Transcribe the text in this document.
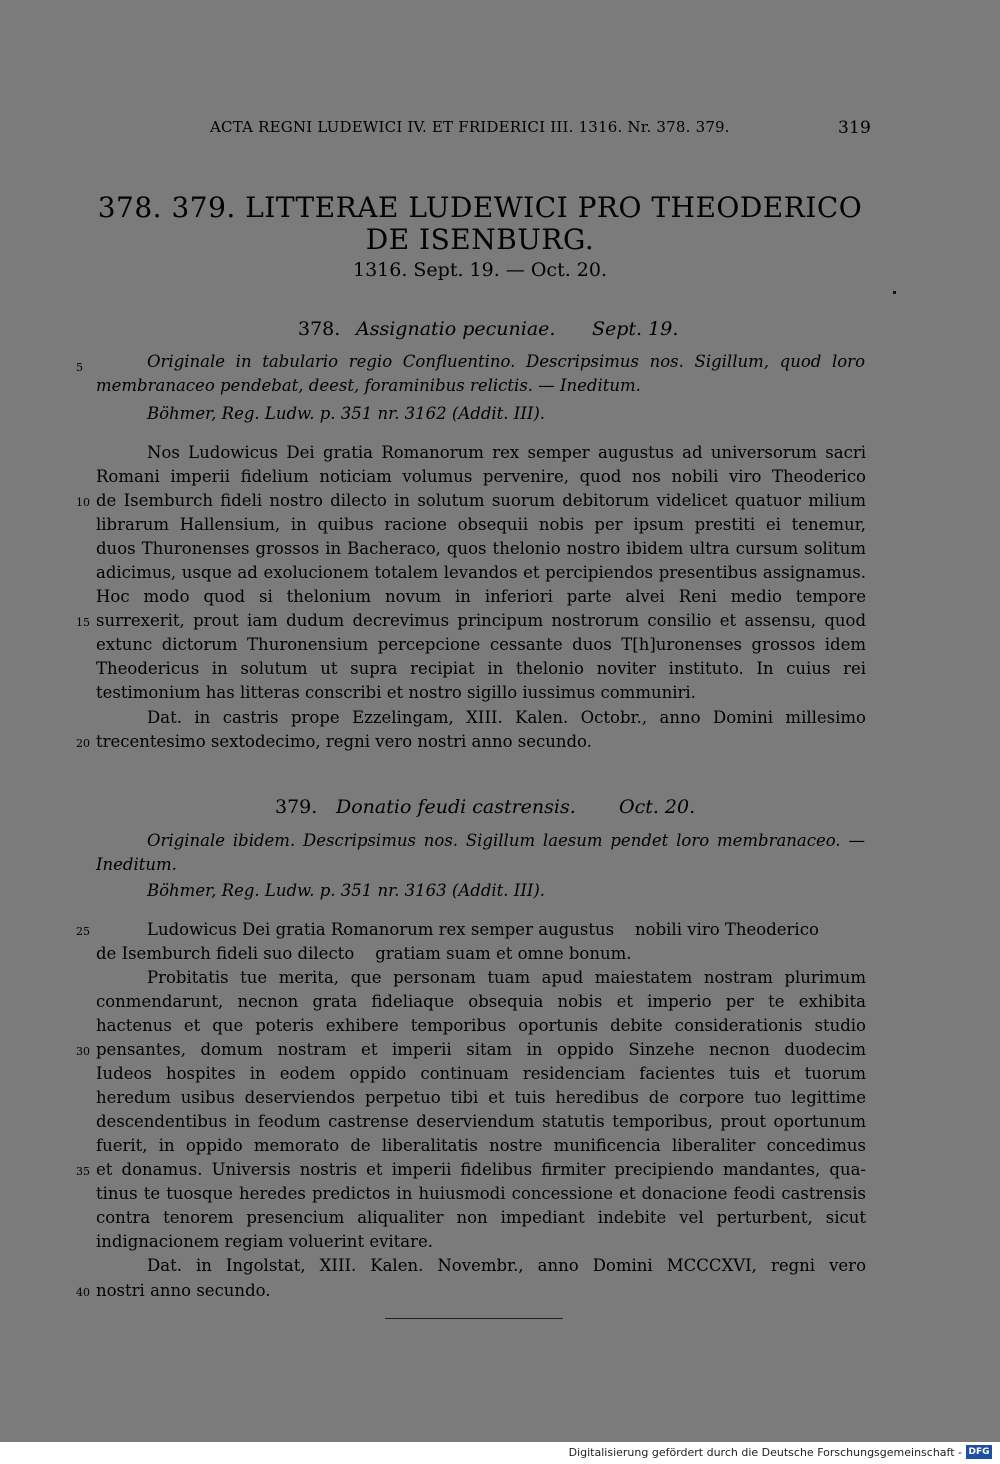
ACTA REGNI LUDEWICI IV. ET FRIDERICI III. 1316. Nr. 378. 379.	319
378. 379. LITTERAE LUDEWICI PRO THEODERICO
DE ISENBURG.
1316. Sept. 19. — Oct. 20.
378. Assignatio pecuniae. Sept. 19.
Originale in tabulario regio Confluentino. Descripsimus nos. Sigillum, quod loro
membranaceo pendebat, deest, foraminibus relictis. — Ineditum.
Böhmer, Reg. Ludw. p. 351 nr. 3162 (Addit. III).
Nos Ludowicus Dei gratia Romanorum rex semper augustus ad universorum sacri
Romani imperii fidelium noticiam volumus pervenire, quod nos nobili viro Theoderico
de Isemburch fideli nostro dilecto in solutum suorum debitorum videlicet quatuor milium
librarum Hallensium, in quibus racione obsequii nobis per ipsum prestiti ei tenemur,
duos Thuronenses grossos in Bacheraco, quos thelonio nostro ibidem ultra cursum solitum
adicimus, usque ad exolucionem totalem levandos et percipiendos presentibus assignamus.
Hoc modo quod si thelonium novum in inferiori parte alvei Reni medio tempore
surrexerit, prout iam dudum decrevimus principum nostrorum consilio et assensu, quod
extunc dictorum Thuronensium percepcione cessante duos T[h]uronenses grossos idem
Theodericus in solutum ut supra recipiat in thelonio noviter instituto. In cuius rei
testimonium has litteras conscribi et nostro sigillo iussimus communiri.
Dat. in castris prope Ezzelingam, XIII. Kalen. Octobr., anno Domini millesimo
trecentesimo sextodecimo, regni vero nostri anno secundo.
379. Donatio feudi castrensis. Oct. 20.
Originale ibidem. Descripsimus nos. Sigillum laesum pendet loro membranaceo. —
Ineditum.
Böhmer, Reg. Ludw. p. 351 nr. 3163 (Addit. III).
Ludowicus Dei gratia Romanorum rex semper augustus    nobili viro Theoderico
de Isemburch fideli suo dilecto    gratiam suam et omne bonum.
Probitatis tue merita, que personam tuam apud maiestatem nostram plurimum
conmendarunt, necnon grata fideliaque obsequia nobis et imperio per te exhibita
hactenus et que poteris exhibere temporibus oportunis debite considerationis studio
pensantes, domum nostram et imperii sitam in oppido Sinzehe necnon duodecim
Iudeos hospites in eodem oppido continuam residenciam facientes tuis et tuorum
heredum usibus deserviendos perpetuo tibi et tuis heredibus de corpore tuo legittime
descendentibus in feodum castrense deserviendum statutis temporibus, prout oportunum
fuerit, in oppido memorato de liberalitatis nostre munificencia liberaliter concedimus
et donamus. Universis nostris et imperii fidelibus firmiter precipiendo mandantes, qua-
tinus te tuosque heredes predictos in huiusmodi concessione et donacione feodi castrensis
contra tenorem presencium aliqualiter non impediant indebite vel perturbent, sicut
indignacionem regiam voluerint evitare.
Dat. in Ingolstat, XIII. Kalen. Novembr., anno Domini MCCCXVI, regni vero
nostri anno secundo.
5
10
15
20
25
30
35
40
Digitalisierung gefördert durch die Deutsche Forschungsgemeinschaft - DFG
